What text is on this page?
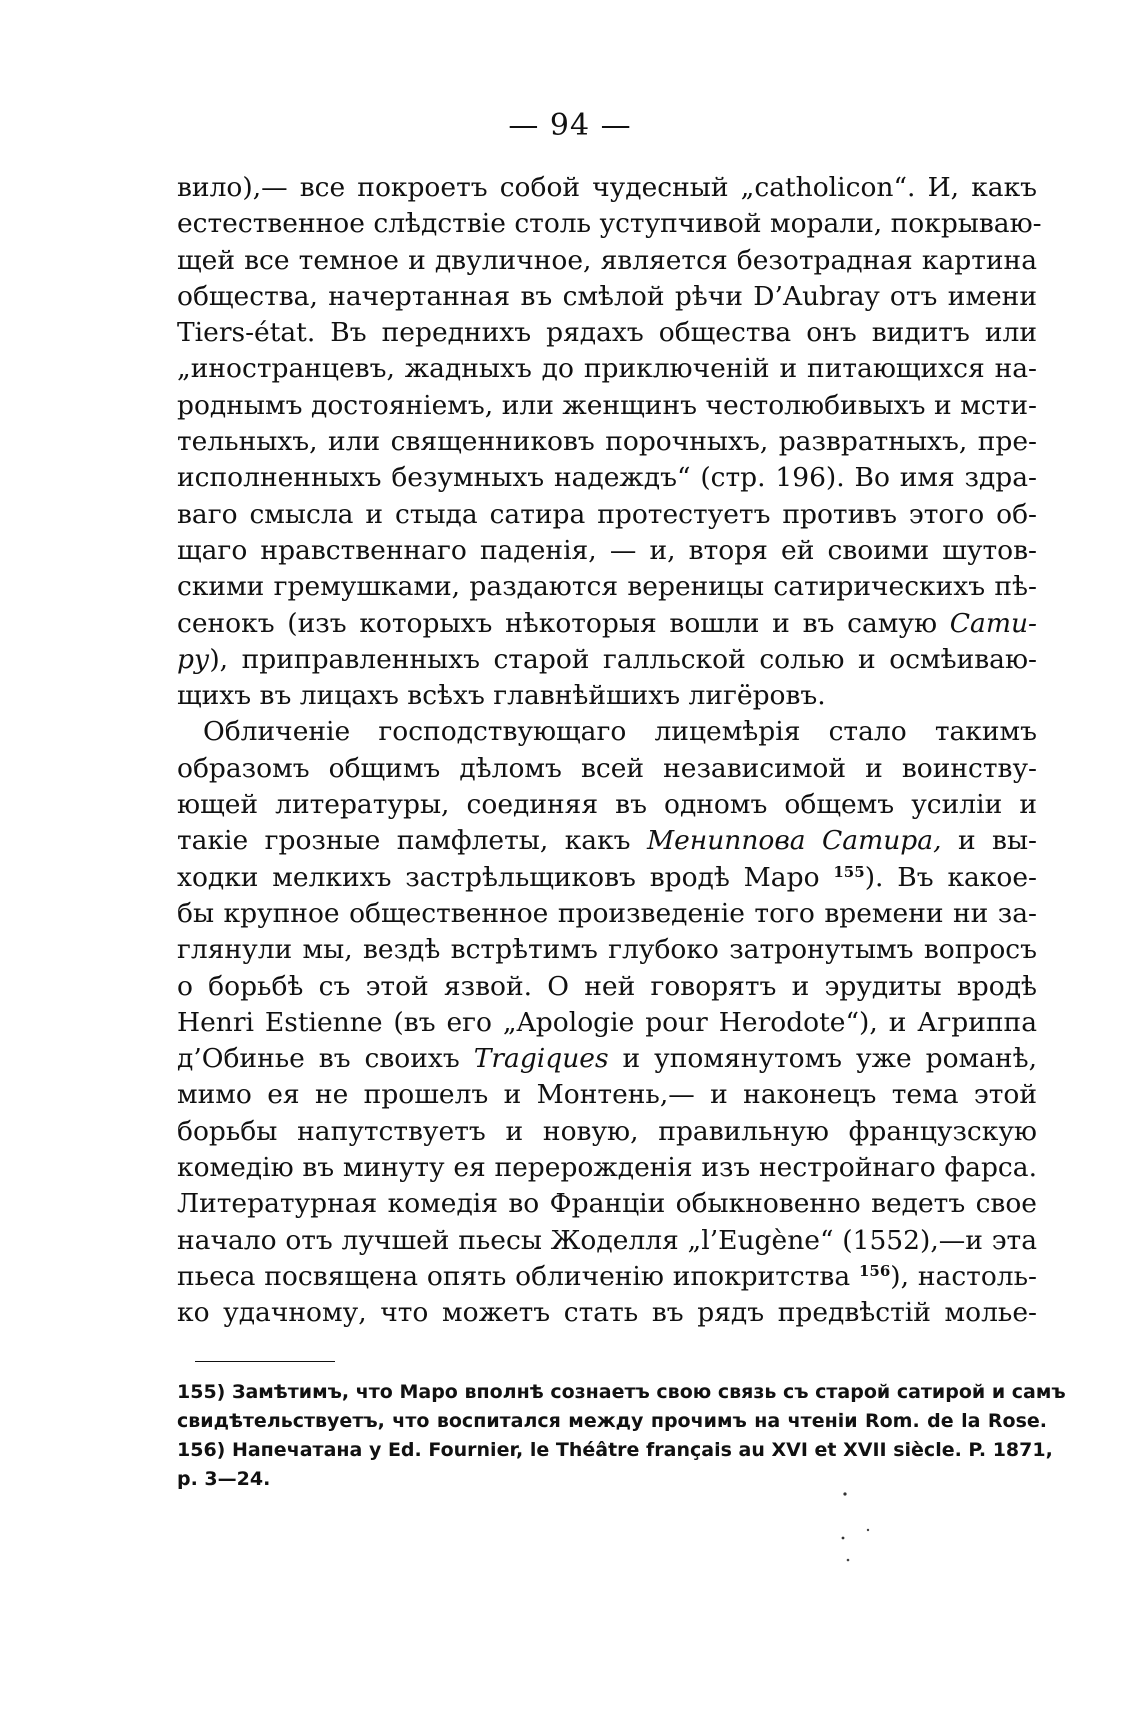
— 94 —
вило),— все покроетъ собой чудесный „catholicon“. И, какъ
естественное слѣдствіе столь уступчивой морали, покрываю-
щей все темное и двуличное, является безотрадная картина
общества, начертанная въ смѣлой рѣчи D’Aubray отъ имени
Tiers-état. Въ переднихъ рядахъ общества онъ видитъ или
„иностранцевъ, жадныхъ до приключеній и питающихся на-
роднымъ достояніемъ, или женщинъ честолюбивыхъ и мсти-
тельныхъ, или священниковъ порочныхъ, развратныхъ, пре-
исполненныхъ безумныхъ надеждъ“ (стр. 196). Во имя здра-
ваго смысла и стыда сатира протестуетъ противъ этого об-
щаго нравственнаго паденія, — и, вторя ей своими шутов-
скими гремушками, раздаются вереницы сатирическихъ пѣ-
сенокъ (изъ которыхъ нѣкоторыя вошли и въ самую Сати-
ру), приправленныхъ старой галльской солью и осмѣиваю-
щихъ въ лицахъ всѣхъ главнѣйшихъ лигёровъ.
Обличеніе господствующаго лицемѣрія стало такимъ
образомъ общимъ дѣломъ всей независимой и воинству-
ющей литературы, соединяя въ одномъ общемъ усиліи и
такіе грозные памфлеты, какъ Мениппова Сатира, и вы-
ходки мелкихъ застрѣльщиковъ вродѣ Маро $^{155}$). Въ какое-
бы крупное общественное произведеніе того времени ни за-
глянули мы, вездѣ встрѣтимъ глубоко затронутымъ вопросъ
о борьбѣ съ этой язвой. О ней говорятъ и эрудиты вродѣ
Henri Estienne (въ его „Apologie pour Herodote“), и Агриппа
д’Обинье въ своихъ Tragiques и упомянутомъ уже романѣ,
мимо ея не прошелъ и Монтень,— и наконецъ тема этой
борьбы напутствуетъ и новую, правильную французскую
комедію въ минуту ея перерожденія изъ нестройнаго фарса.
Литературная комедія во Франціи обыкновенно ведетъ свое
начало отъ лучшей пьесы Жоделля „l’Eugène“ (1552),—и эта
пьеса посвящена опять обличенію ипокритства $^{156}$), настоль-
ко удачному, что можетъ стать въ рядъ предвѣстій молье-
155) Замѣтимъ, что Маро вполнѣ сознаетъ свою связь съ старой сатирой и самъ
свидѣтельствуетъ, что воспитался между прочимъ на чтеніи Rom. de la Rose.
156) Напечатана у Ed. Fournier, le Théâtre français au XVI et XVII siècle. P. 1871,
p. 3—24.
